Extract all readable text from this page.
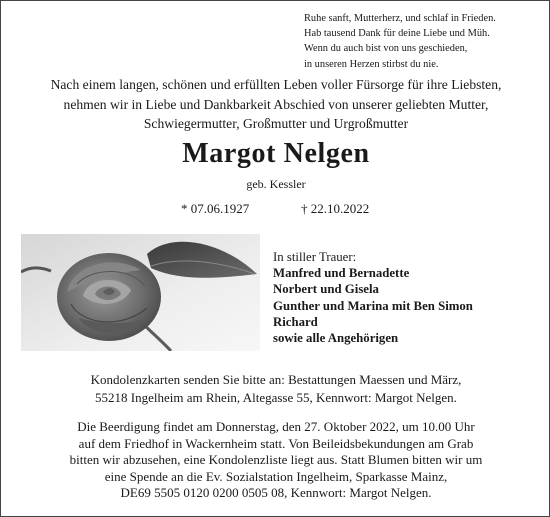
Ruhe sanft, Mutterherz, und schlaf in Frieden.
Hab tausend Dank für deine Liebe und Müh.
Wenn du auch bist von uns geschieden,
in unseren Herzen stirbst du nie.
Nach einem langen, schönen und erfüllten Leben voller Fürsorge für ihre Liebsten,
nehmen wir in Liebe und Dankbarkeit Abschied von unserer geliebten Mutter,
Schwiegermutter, Großmutter und Urgroßmutter
Margot Nelgen
geb. Kessler
* 07.06.1927	† 22.10.2022
In stiller Trauer:
Manfred und Bernadette
Norbert und Gisela
Gunther und Marina mit Ben Simon
Richard
sowie alle Angehörigen
Kondolenzkarten senden Sie bitte an: Bestattungen Maessen und März,
55218 Ingelheim am Rhein, Altegasse 55, Kennwort: Margot Nelgen.
Die Beerdigung findet am Donnerstag, den 27. Oktober 2022, um 10.00 Uhr
auf dem Friedhof in Wackernheim statt. Von Beileidsbekundungen am Grab
bitten wir abzusehen, eine Kondolenzliste liegt aus. Statt Blumen bitten wir um
eine Spende an die Ev. Sozialstation Ingelheim, Sparkasse Mainz,
DE69 5505 0120 0200 0505 08, Kennwort: Margot Nelgen.
